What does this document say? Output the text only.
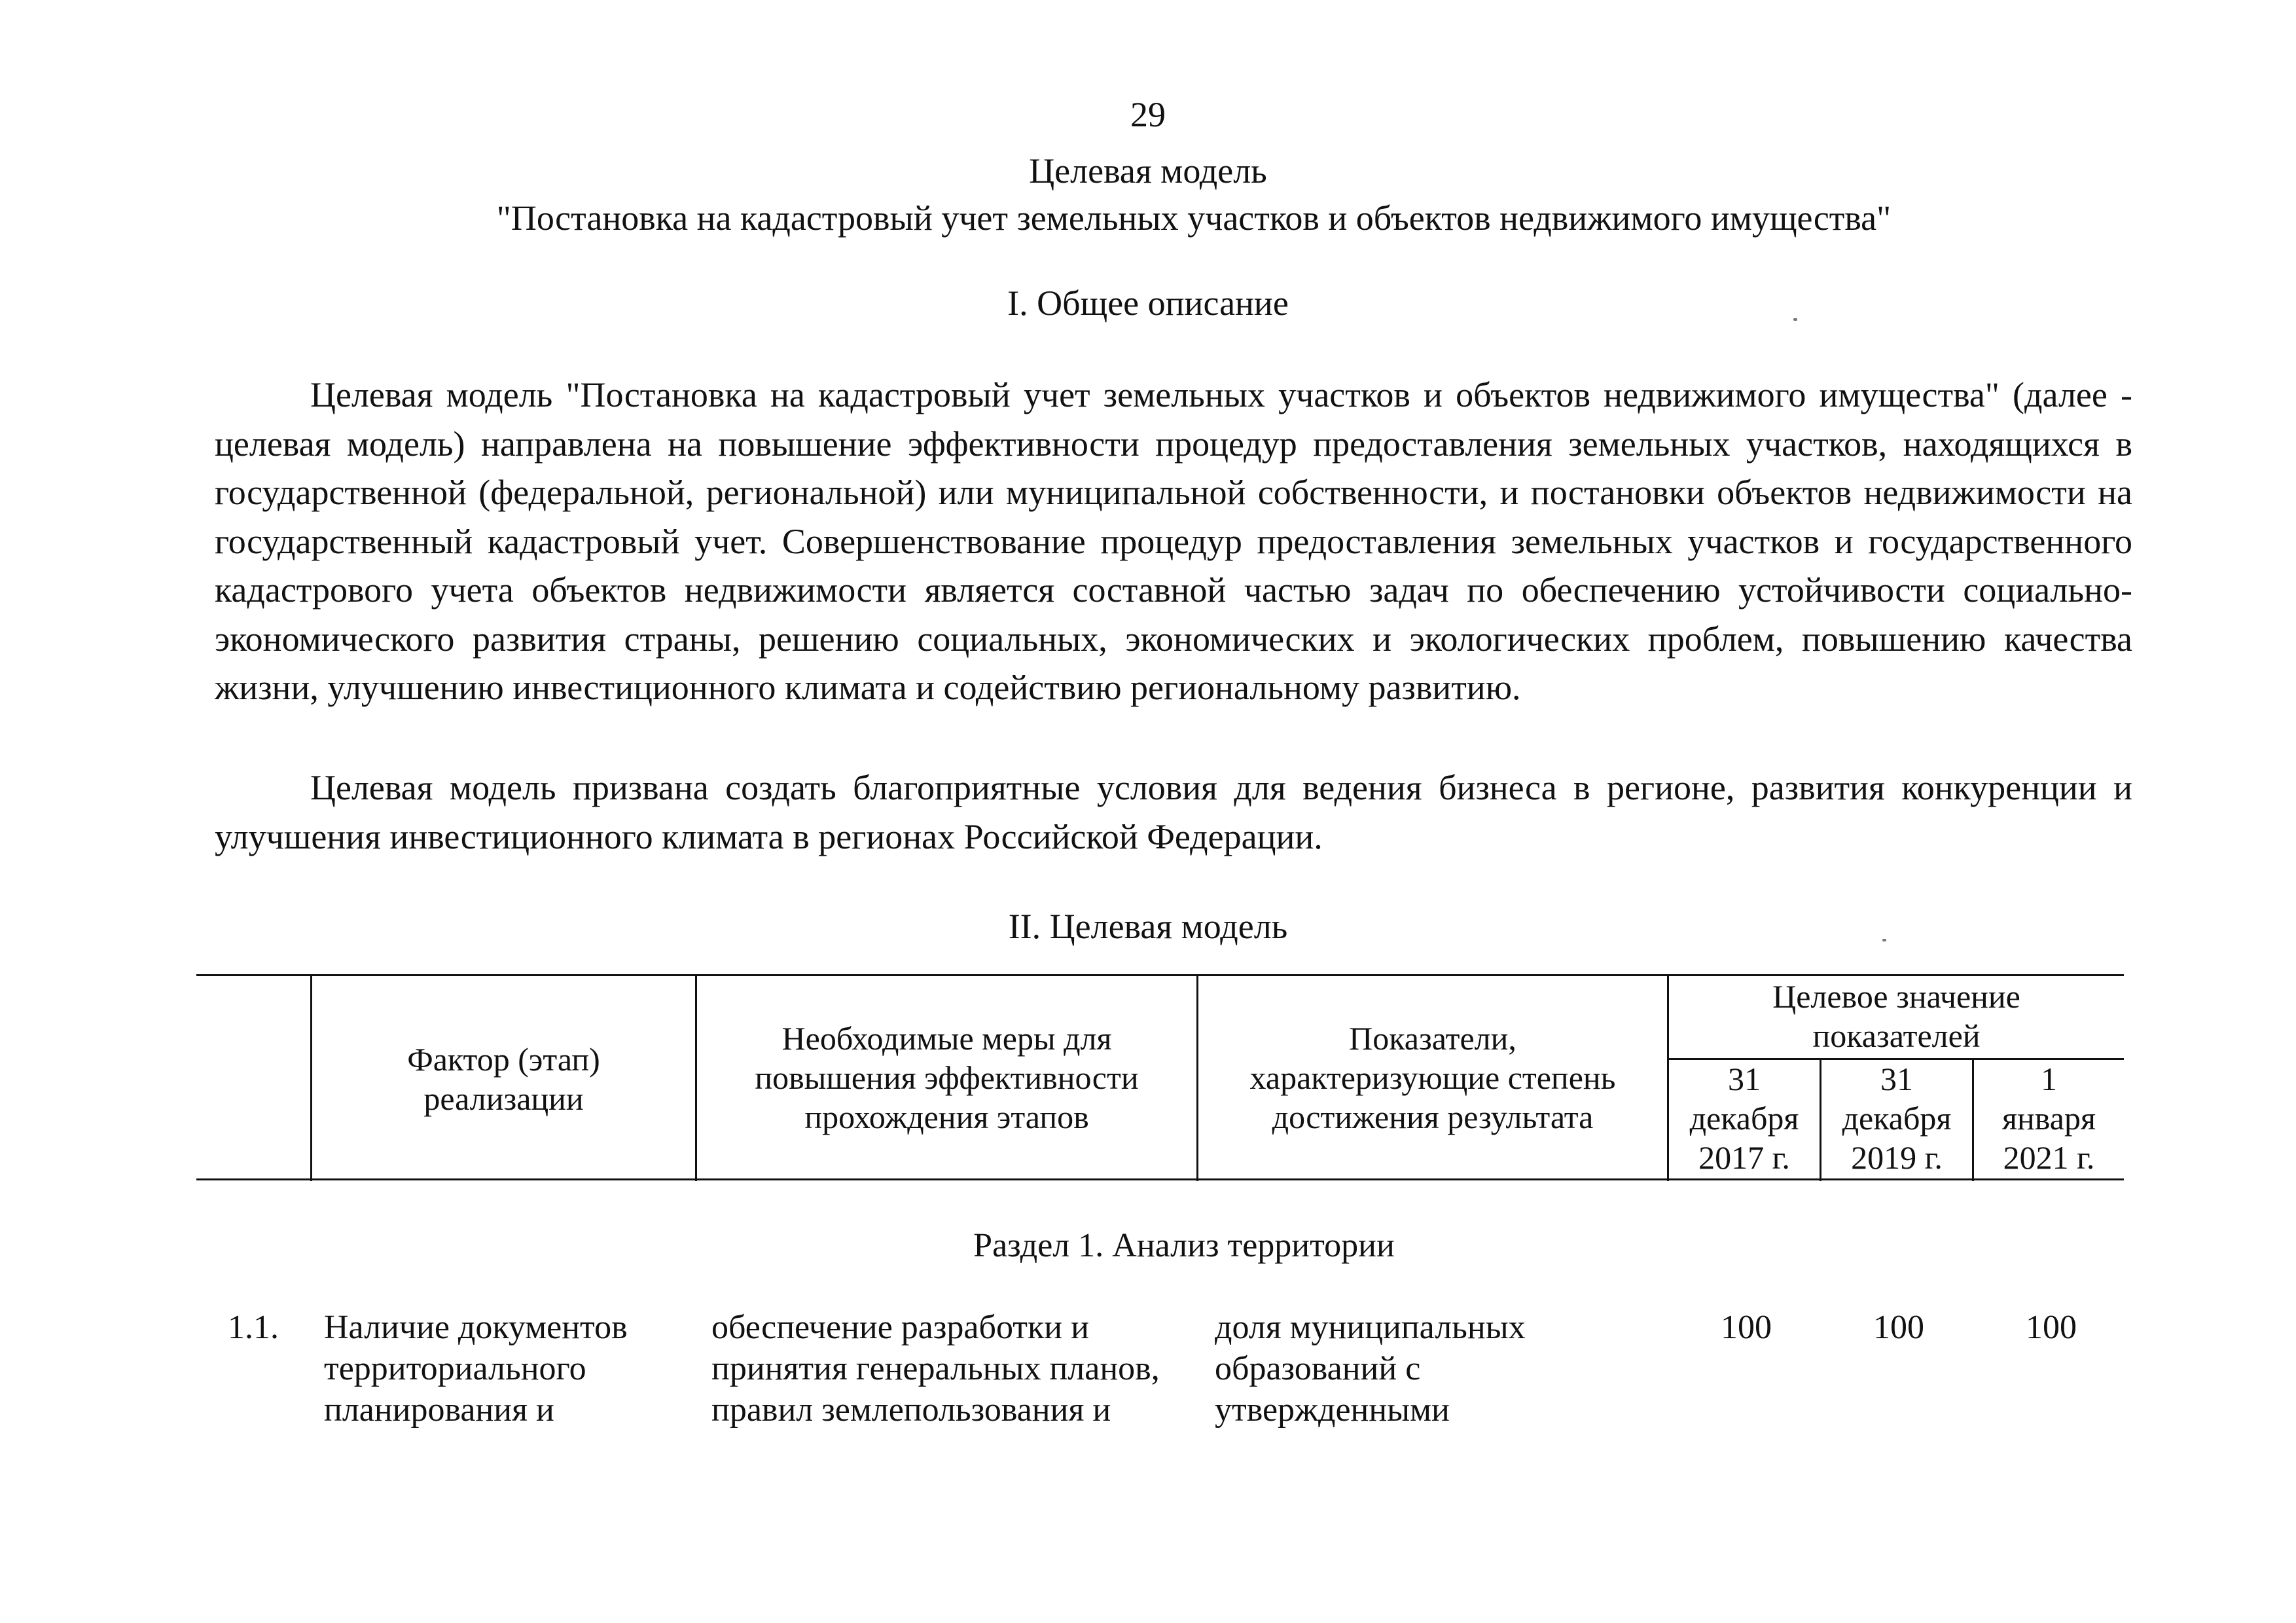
29
Целевая модель
"Постановка на кадастровый учет земельных участков и объектов недвижимого имущества"
I. Общее описание
Целевая модель "Постановка на кадастровый учет земельных участков и объектов недвижимого имущества" (далее - целевая модель) направлена на повышение эффективности процедур предоставления земельных участков, находящихся в государственной (федеральной, региональной) или муниципальной собственности, и постановки объектов недвижимости на государственный кадастровый учет. Совершенствование процедур предоставления земельных участков и государственного кадастрового учета объектов недвижимости является составной частью задач по обеспечению устойчивости социально-экономического развития страны, решению социальных, экономических и экологических проблем, повышению качества жизни, улучшению инвестиционного климата и содействию региональному развитию.
Целевая модель призвана создать благоприятные условия для ведения бизнеса в регионе, развития конкуренции и улучшения инвестиционного климата в регионах Российской Федерации.
II. Целевая модель
Фактор (этап)
реализации
Необходимые меры для
повышения эффективности
прохождения этапов
Показатели,
характеризующие степень
достижения результата
Целевое значение
показателей
31
декабря
2017 г.
31
декабря
2019 г.
1
января
2021 г.
Раздел 1. Анализ территории
1.1. Наличие документов
территориального
планирования и
обеспечение разработки и
принятия генеральных планов,
правил землепользования и
доля муниципальных
образований с
утвержденными
100	100	100
